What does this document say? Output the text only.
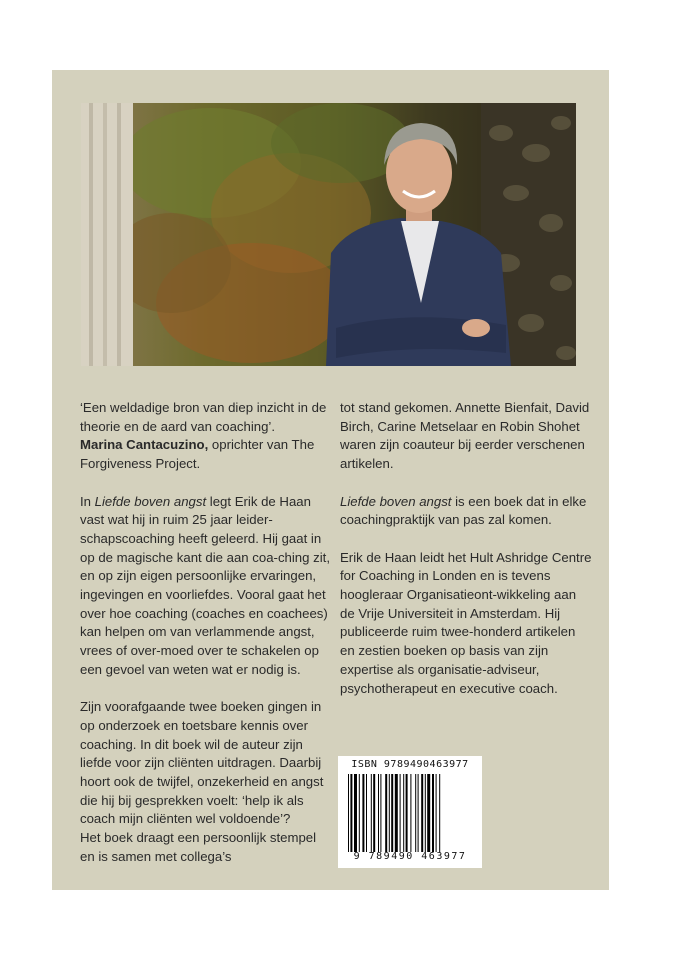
‘Een weldadige bron van diep inzicht in de theorie en de aard van coaching’.
Marina Cantacuzino, oprichter van The Forgiveness Project.

In Liefde boven angst legt Erik de Haan vast wat hij in ruim 25 jaar leider-schapscoaching heeft geleerd. Hij gaat in op de magische kant die aan coa-ching zit, en op zijn eigen persoonlijke ervaringen, ingevingen en voorliefdes. Vooral gaat het over hoe coaching (coaches en coachees) kan helpen om van verlammende angst, vrees of over-moed over te schakelen op een gevoel van weten wat er nodig is.

Zijn voorafgaande twee boeken gingen in op onderzoek en toetsbare kennis over coaching. In dit boek wil de auteur zijn liefde voor zijn cliënten uitdragen. Daarbij hoort ook de twijfel, onzekerheid en angst die hij bij gesprekken voelt: ‘help ik als coach mijn cliënten wel voldoende’?

Het boek draagt een persoonlijk stempel en is samen met collega’s

tot stand gekomen. Annette Bienfait, David Birch, Carine Metselaar en Robin Shohet waren zijn coauteur bij eerder verschenen artikelen.

Liefde boven angst is een boek dat in elke coachingpraktijk van pas zal komen.

Erik de Haan leidt het Hult Ashridge Centre for Coaching in Londen en is tevens hoogleraar Organisatieont-wikkeling aan de Vrije Universiteit in Amsterdam. Hij publiceerde ruim twee-honderd artikelen en zestien boeken op basis van zijn expertise als organisatie-adviseur, psychotherapeut en executive coach.

ISBN 9789490463977
9 789490 463977
